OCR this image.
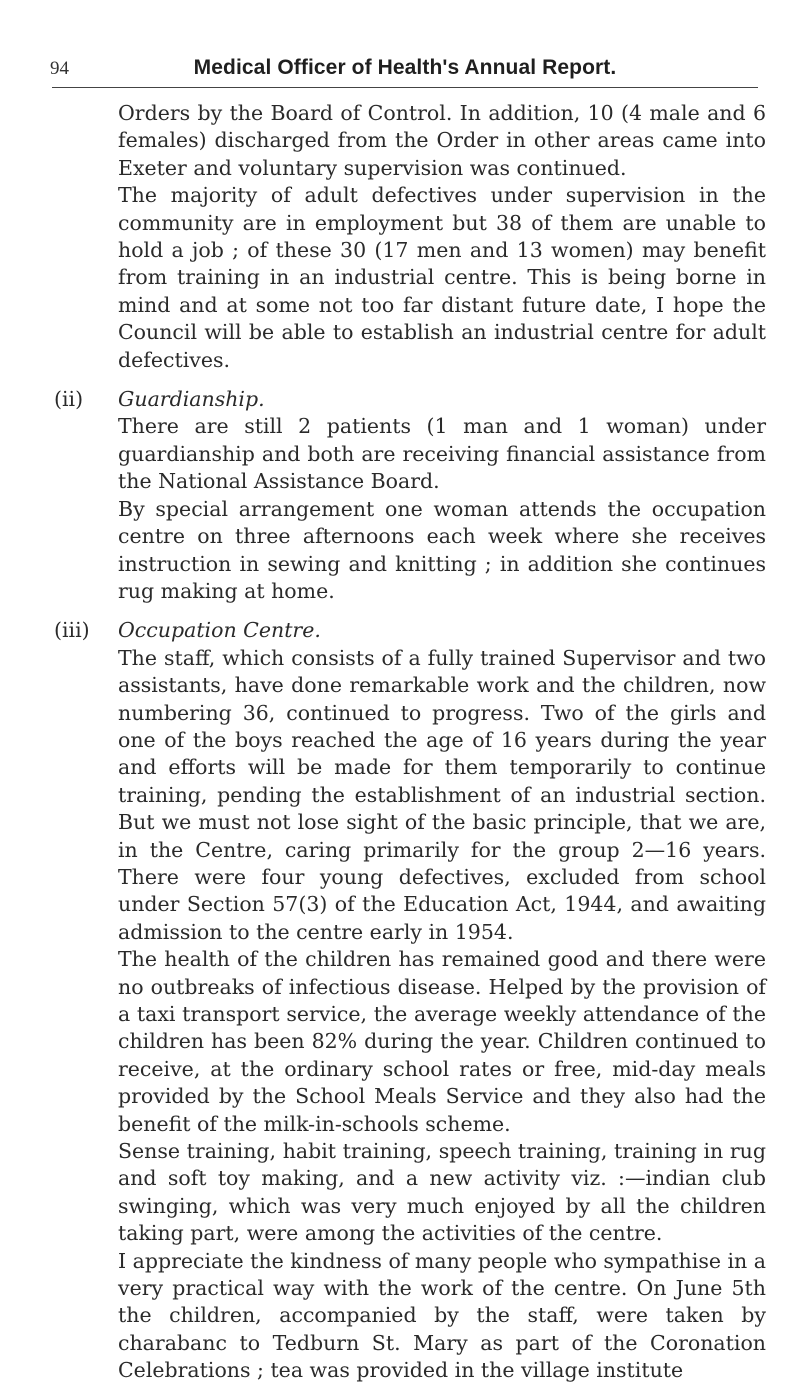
94	Medical Officer of Health's Annual Report.

Orders by the Board of Control. In addition, 10 (4 male and 6 females) discharged from the Order in other areas came into Exeter and voluntary supervision was continued.

The majority of adult defectives under supervision in the community are in employment but 38 of them are unable to hold a job ; of these 30 (17 men and 13 women) may benefit from training in an industrial centre. This is being borne in mind and at some not too far distant future date, I hope the Council will be able to establish an industrial centre for adult defectives.

(ii) Guardianship.

There are still 2 patients (1 man and 1 woman) under guardianship and both are receiving financial assistance from the National Assistance Board.

By special arrangement one woman attends the occupation centre on three afternoons each week where she receives instruction in sewing and knitting ; in addition she continues rug making at home.

(iii) Occupation Centre.

The staff, which consists of a fully trained Supervisor and two assistants, have done remarkable work and the children, now numbering 36, continued to progress. Two of the girls and one of the boys reached the age of 16 years during the year and efforts will be made for them temporarily to continue training, pending the establishment of an industrial section. But we must not lose sight of the basic principle, that we are, in the Centre, caring primarily for the group 2—16 years. There were four young defectives, excluded from school under Section 57(3) of the Education Act, 1944, and awaiting admission to the centre early in 1954.

The health of the children has remained good and there were no outbreaks of infectious disease. Helped by the provision of a taxi transport service, the average weekly attendance of the children has been 82% during the year. Children continued to receive, at the ordinary school rates or free, mid-day meals provided by the School Meals Service and they also had the benefit of the milk-in-schools scheme.

Sense training, habit training, speech training, training in rug and soft toy making, and a new activity viz. :—indian club swinging, which was very much enjoyed by all the children taking part, were among the activities of the centre.

I appreciate the kindness of many people who sympathise in a very practical way with the work of the centre. On June 5th the children, accompanied by the staff, were taken by charabanc to Tedburn St. Mary as part of the Coronation Celebrations ; tea was provided in the village institute
